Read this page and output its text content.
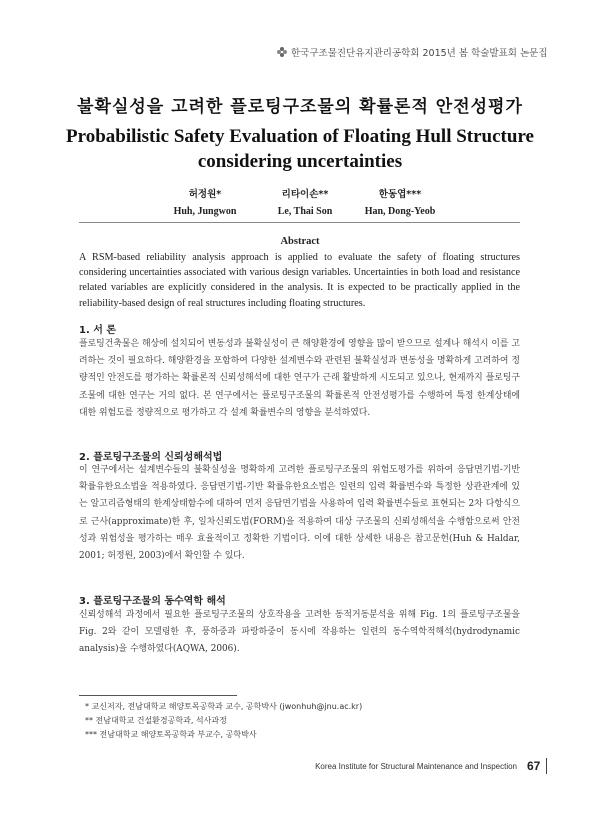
한국구조물진단유지관리공학회 2015년 봄 학술발표회 논문집
불확실성을 고려한 플로팅구조물의 확률론적 안전성평가
Probabilistic Safety Evaluation of Floating Hull Structure
considering uncertainties
허정원*
Huh, Jungwon
리타이손**
Le, Thai Son
한동엽***
Han, Dong-Yeob
Abstract
A RSM-based reliability analysis approach is applied to evaluate the safety of floating structures considering uncertainties associated with various design variables. Uncertainties in both load and resistance related variables are explicitly considered in the analysis. It is expected to be practically applied in the reliability-based design of real structures including floating structures.
1. 서 론
플로팅건축물은 해상에 설치되어 변동성과 불확실성이 큰 해양환경에 영향을 많이 받으므로 설계나 해석시 이를 고려하는 것이 필요하다. 해양환경을 포함하여 다양한 설계변수와 관련된 불확실성과 변동성을 명확하게 고려하여 정량적인 안전도를 평가하는 확률론적 신뢰성해석에 대한 연구가 근래 활발하게 시도되고 있으나, 현재까지 플로팅구조물에 대한 연구는 거의 없다. 본 연구에서는 플로팅구조물의 확률론적 안전성평가를 수행하여 특정 한계상태에 대한 위험도를 정량적으로 평가하고 각 설계 확률변수의 영향을 분석하였다.
2. 플로팅구조물의 신뢰성해석법
이 연구에서는 설계변수들의 불확실성을 명확하게 고려한 플로팅구조물의 위험도평가를 위하여 응답면기법-기반 확률유한요소법을 적용하였다. 응답면기법-기반 확률유한요소법은 일련의 입력 확률변수와 특정한 상관관계에 있는 알고리즘형태의 한계상태함수에 대하여 먼저 응답면기법을 사용하여 입력 확률변수들로 표현되는 2차 다항식으로 근사(approximate)한 후, 일차신뢰도법(FORM)을 적용하여 대상 구조물의 신뢰성해석을 수행함으로써 안전성과 위험성을 평가하는 매우 효율적이고 정확한 기법이다. 이에 대한 상세한 내용은 참고문헌(Huh & Haldar, 2001; 허정원, 2003)에서 확인할 수 있다.
3. 플로팅구조물의 동수역학 해석
신뢰성해석 과정에서 필요한 플로팅구조물의 상호작용을 고려한 동적거동분석을 위해 Fig. 1의 플로팅구조물을 Fig. 2와 같이 모델링한 후, 풍하중과 파랑하중이 동시에 작용하는 일련의 동수역학적해석(hydrodynamic analysis)을 수행하였다(AQWA, 2006).
* 교신저자, 전남대학교 해양토목공학과 교수, 공학박사 (jwonhuh@jnu.ac.kr)
** 전남대학교 건설환경공학과, 석사과정
*** 전남대학교 해양토목공학과 부교수, 공학박사
Korea Institute for Structural Maintenance and Inspection 67
